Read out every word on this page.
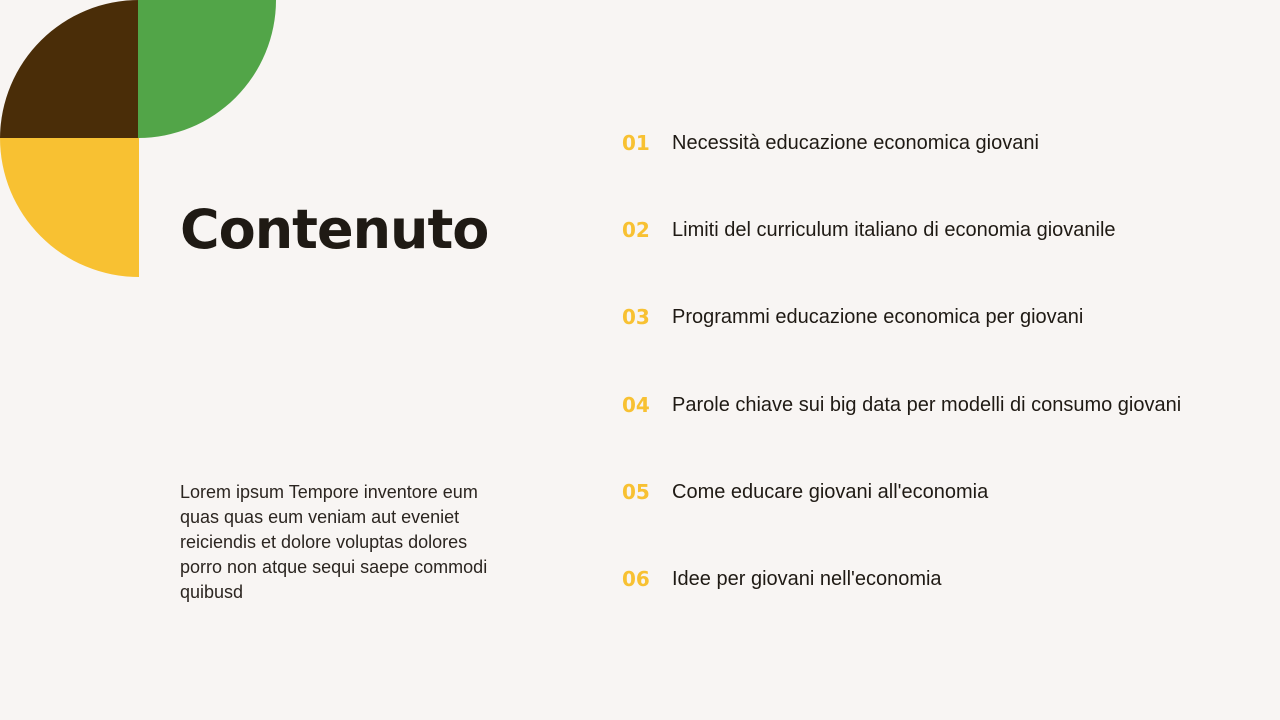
Contenuto

Lorem ipsum Tempore inventore eum quas quas eum veniam aut eveniet reiciendis et dolore voluptas dolores porro non atque sequi saepe commodi quibusd

01	Necessità educazione economica giovani
02	Limiti del curriculum italiano di economia giovanile
03	Programmi educazione economica per giovani
04	Parole chiave sui big data per modelli di consumo giovani
05	Come educare giovani all'economia
06	Idee per giovani nell'economia
